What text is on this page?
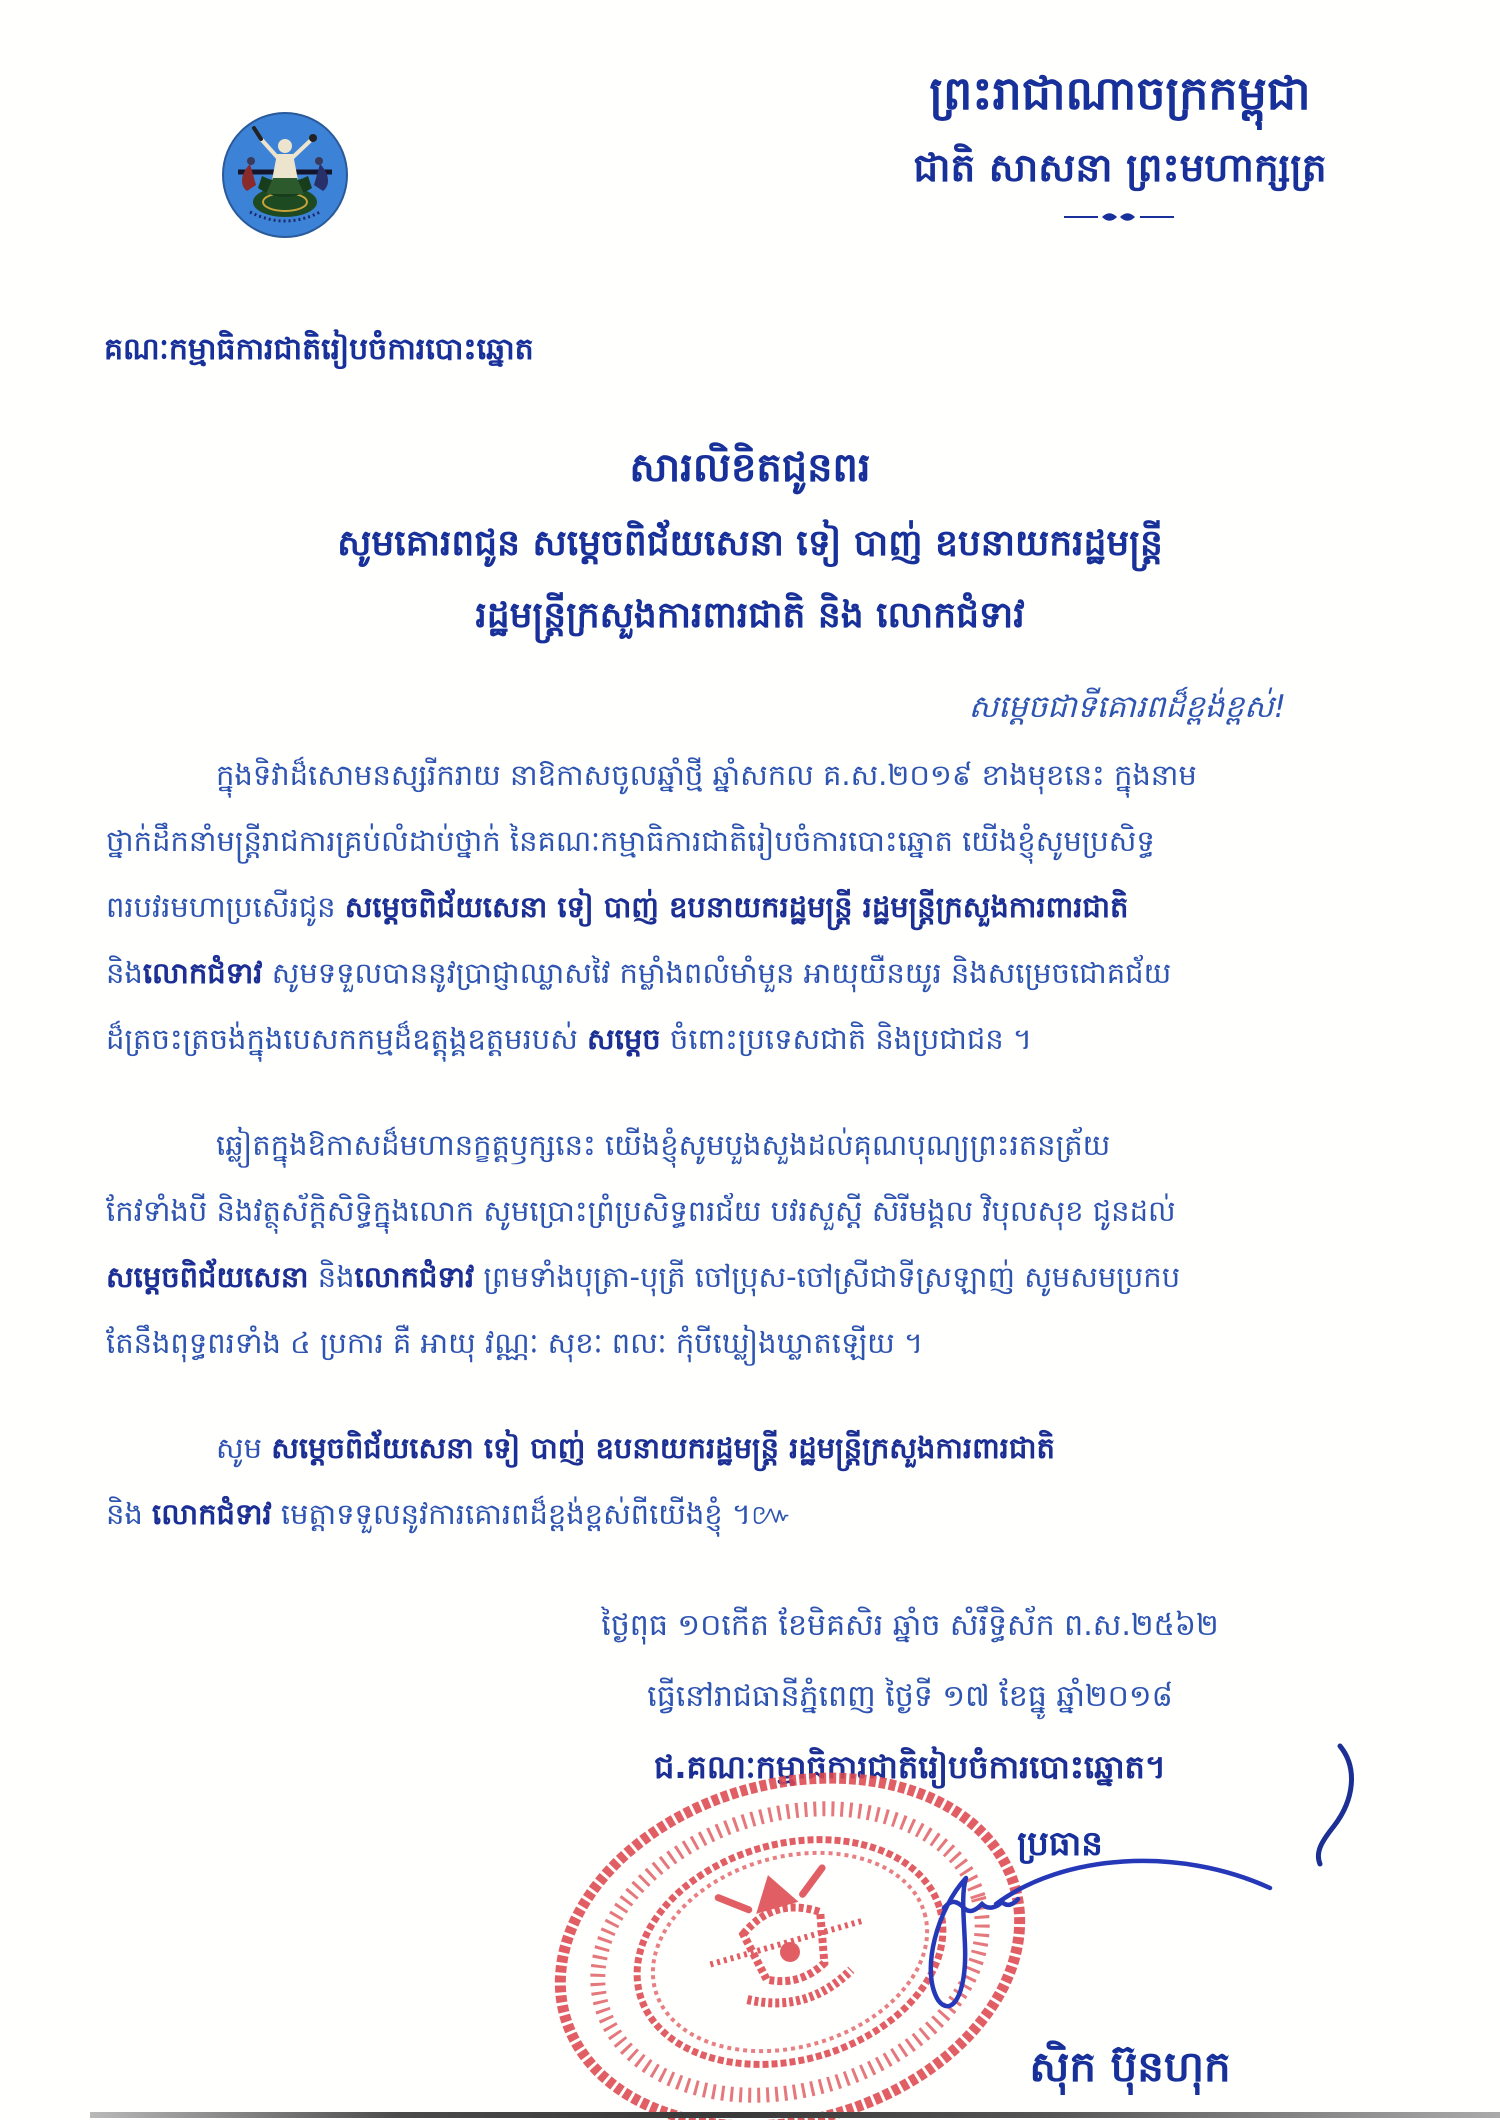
ព្រះរាជាណាចក្រកម្ពុជា
ជាតិ សាសនា ព្រះមហាក្សត្រ
គណៈកម្មាធិការជាតិរៀបចំការបោះឆ្នោត
សារលិខិតជូនពរ
សូមគោរពជូន សម្ដេចពិជ័យសេនា ទៀ បាញ់ ឧបនាយករដ្ឋមន្ត្រី
រដ្ឋមន្ត្រីក្រសួងការពារជាតិ និង លោកជំទាវ
សម្ដេចជាទីគោរពដ៏ខ្ពង់ខ្ពស់!
ក្នុងទិវាដ៏សោមនស្សរីករាយ នាឱកាសចូលឆ្នាំថ្មី ឆ្នាំសកល គ.ស.២០១៩ ខាងមុខនេះ ក្នុងនាម
ថ្នាក់ដឹកនាំមន្ត្រីរាជការគ្រប់លំដាប់ថ្នាក់ នៃគណៈកម្មាធិការជាតិរៀបចំការបោះឆ្នោត យើងខ្ញុំសូមប្រសិទ្ធ
ពរបវរមហាប្រសើរជូន សម្ដេចពិជ័យសេនា ទៀ បាញ់ ឧបនាយករដ្ឋមន្ត្រី រដ្ឋមន្ត្រីក្រសួងការពារជាតិ
និងលោកជំទាវ សូមទទួលបាននូវប្រាជ្ញាឈ្លាសវៃ កម្លាំងពលំមាំមួន អាយុយឺនយូរ និងសម្រេចជោគជ័យ
ដ៏ត្រចះត្រចង់ក្នុងបេសកកម្មដ៏ឧត្តុង្គឧត្តមរបស់ សម្ដេច ចំពោះប្រទេសជាតិ និងប្រជាជន ។
ឆ្លៀតក្នុងឱកាសដ៏មហានក្ខត្តឫក្សនេះ យើងខ្ញុំសូមបួងសួងដល់គុណបុណ្យព្រះរតនត្រ័យ
កែវទាំងបី និងវត្ថុស័ក្តិសិទ្ធិក្នុងលោក សូមប្រោះព្រំប្រសិទ្ធពរជ័យ បវរសួស្តី សិរីមង្គល វិបុលសុខ ជូនដល់
សម្ដេចពិជ័យសេនា និងលោកជំទាវ ព្រមទាំងបុត្រា-បុត្រី ចៅប្រុស-ចៅស្រីជាទីស្រឡាញ់ សូមសមប្រកប
តែនឹងពុទ្ធពរទាំង ៤ ប្រការ គឺ អាយុ វណ្ណៈ សុខៈ ពលៈ កុំបីឃ្លៀងឃ្លាតឡើយ ។
សូម សម្ដេចពិជ័យសេនា ទៀ បាញ់ ឧបនាយករដ្ឋមន្ត្រី រដ្ឋមន្ត្រីក្រសួងការពារជាតិ
និង លោកជំទាវ មេត្តាទទួលនូវការគោរពដ៏ខ្ពង់ខ្ពស់ពីយើងខ្ញុំ ។៚
ថ្ងៃពុធ ១០កើត ខែមិគសិរ ឆ្នាំច សំរឹទ្ធិស័ក ព.ស.២៥៦២
ធ្វើនៅរាជធានីភ្នំពេញ ថ្ងៃទី ១៧ ខែធ្នូ ឆ្នាំ២០១៨
ជ.គណៈកម្មាធិការជាតិរៀបចំការបោះឆ្នោត។
ប្រធាន
ស៊ិក ប៊ុនហុក
